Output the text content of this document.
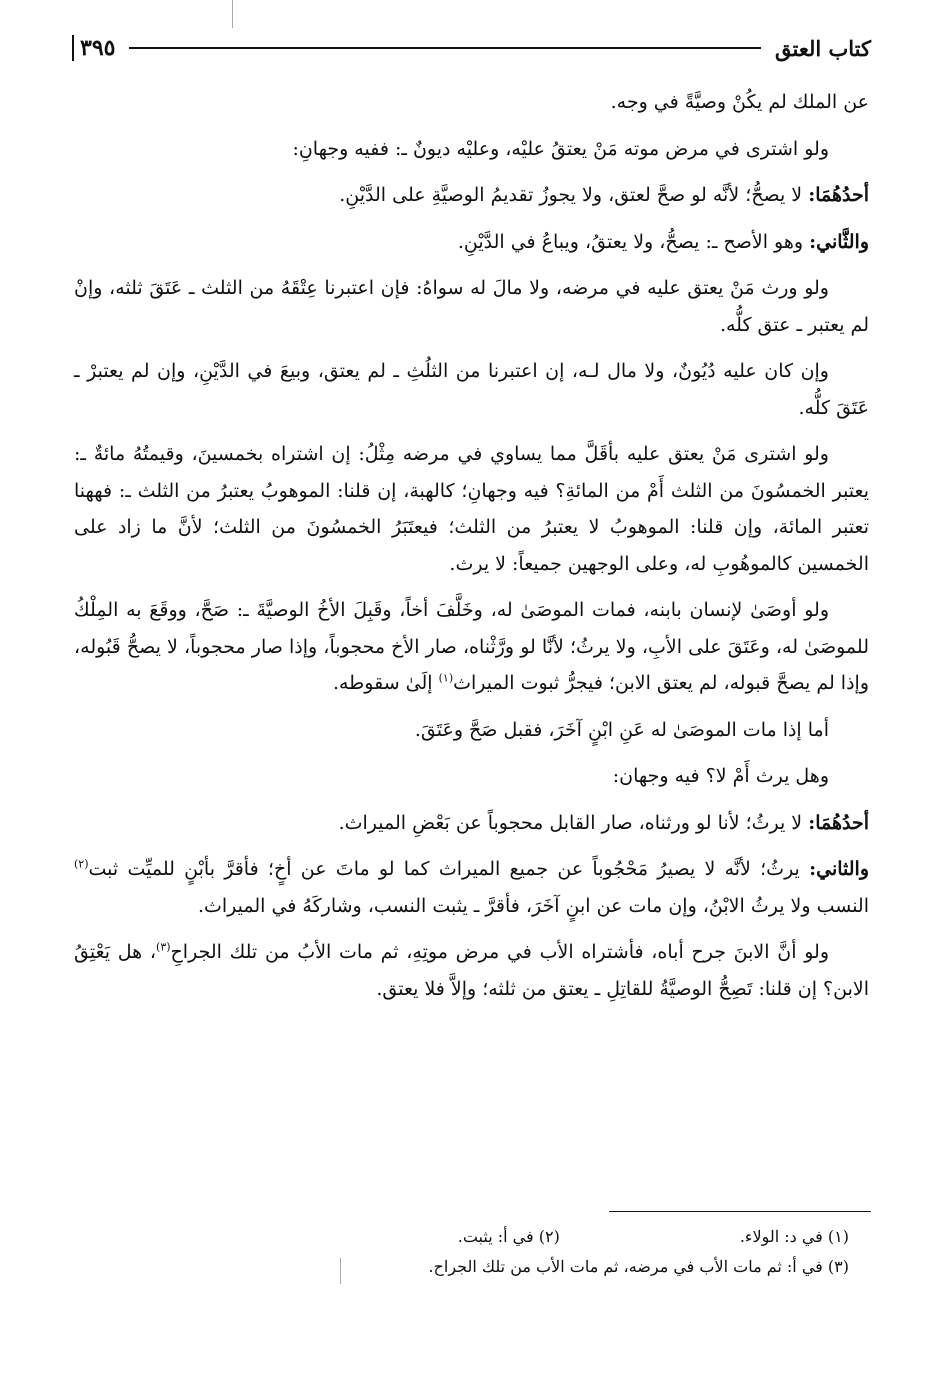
كتاب العتق
٣٩٥

عن الملك لم يكُنْ وصيَّةً في وجه.

ولو اشترى في مرض موته مَنْ يعتقُ عليْه، وعليْه ديونٌ ـ: ففيه وجهانِ:

أحدُهُمَا: لا يصحُّ؛ لأنَّه لو صحَّ لعتق، ولا يجوزُ تقديمُ الوصيَّةِ على الدَّيْنِ.

والثَّاني: وهو الأصح ـ: يصحُّ، ولا يعتقُ، ويباعُ في الدَّيْنِ.

ولو ورث مَنْ يعتق عليه في مرضه، ولا مالَ له سواهُ: فإن اعتبرنا عِتْقَهُ من الثلث ـ عَتَقَ ثلثه، وإنْ لم يعتبر ـ عتق كلُّه.

وإن كان عليه دُيُونٌ، ولا مال لـه، إن اعتبرنا من الثلُثِ ـ لم يعتق، وبيعَ في الدَّيْنِ، وإن لم يعتبرْ ـ عَتَقَ كلُّه.

ولو اشترى مَنْ يعتق عليه بأقَلَّ مما يساوي في مرضه مِثْلُ: إن اشتراه بخمسينَ، وقيمتُهُ مائةٌ ـ: يعتبر الخمسُونَ من الثلث أَمْ من المائةِ؟ فيه وجهانِ؛ كالهبة، إن قلنا: الموهوبُ يعتبرُ من الثلث ـ: فههنا تعتبر المائة، وإن قلنا: الموهوبُ لا يعتبرُ من الثلث؛ فيعتَبَرُ الخمسُونَ من الثلث؛ لأنَّ ما زاد على الخمسين كالموهُوبِ له، وعلى الوجهين جميعاً: لا يرث.

ولو أوصَىٰ لإنسان بابنه، فمات الموصَىٰ له، وخَلَّفَ أخاً، وقَبِلَ الأخُ الوصيَّةَ ـ: صَحَّ، ووقَعَ به المِلْكُ للموصَىٰ له، وعَتَقَ على الأبِ، ولا يرثُ؛ لأنَّا لو ورَّثْناه، صار الأخ محجوباً، وإذا صار محجوباً، لا يصحُّ قَبُوله، وإذا لم يصحَّ قبوله، لم يعتق الابن؛ فيجرُّ ثبوت الميراث$^{(١)}$ إلَىٰ سقوطه.

أما إذا مات الموصَىٰ له عَنِ ابْنٍ آخَرَ، فقبل صَحَّ وعَتَقَ.

وهل يرث أَمْ لا؟ فيه وجهان:

أحدُهُمَا: لا يرثُ؛ لأنا لو ورثناه، صار القابل محجوباً عن بَعْضِ الميراث.

والثاني: يرثُ؛ لأنَّه لا يصيرُ مَحْجُوباً عن جميع الميراث كما لو ماتَ عن أخٍ؛ فأقرَّ بأبْنٍ للميِّت ثبت$^{(٢)}$ النسب ولا يرثُ الابْنُ، وإن مات عن ابنٍ آخَرَ، فأقرَّ ـ يثبت النسب، وشاركَهُ في الميراث.

ولو أنَّ الابنَ جرح أباه، فأشتراه الأب في مرض موتِهِ، ثم مات الأبُ من تلك الجراحِ$^{(٣)}$، هل يَعْتِقُ الابن؟ إن قلنا: تَصِحُّ الوصيَّةُ للقاتِلِ ـ يعتق من ثلثه؛ وإلاَّ فلا يعتق.

(١) في د: الولاء.
(٢) في أ: يثبت.
(٣) في أ: ثم مات الأب في مرضه، ثم مات الأب من تلك الجراح.
